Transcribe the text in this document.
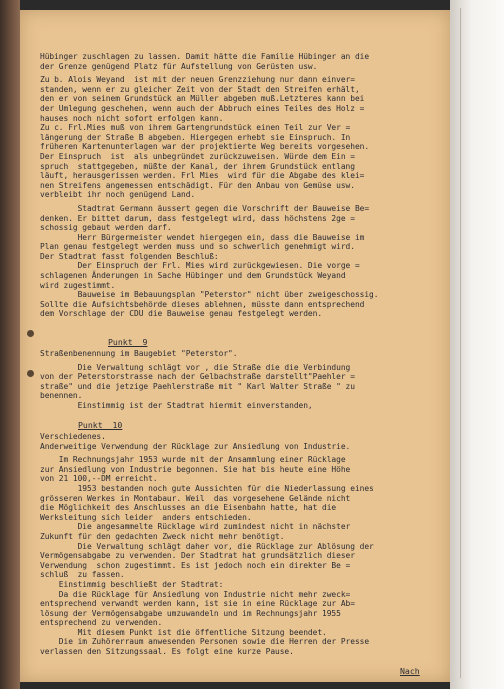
Hübinger zuschlagen zu lassen. Damit hätte die Familie Hübinger an die
der Grenze genügend Platz für Aufstellung von Gerüsten usw.
Zu b. Alois Weyand  ist mit der neuen Grenzziehung nur dann einver=
standen, wenn er zu gleicher Zeit von der Stadt den Streifen erhält,
den er von seinem Grundstück an Müller abgeben muß.Letzteres kann bei
der Umlegung geschehen, wenn auch der Abbruch eines Teiles des Holz =
hauses noch nicht sofort erfolgen kann.
Zu c. Frl.Mies muß von ihrem Gartengrundstück einen Teil zur Ver =
längerung der Straße B abgeben. Hiergegen erhebt sie Einspruch. In
früheren Kartenunterlagen war der projektierte Weg bereits vorgesehen.
Der Einspruch  ist  als unbegründet zurückzuweisen. Würde dem Ein =
spruch  stattgegeben, müßte der Kanal, der ihrem Grundstück entlang
läuft, herausgerissen werden. Frl Mies  wird für die Abgabe des klei=
nen Streifens angemessen entschädigt. Für den Anbau von Gemüse usw.
verbleibt ihr noch genügend Land.
Stadtrat Germann äussert gegen die Vorschrift der Bauweise Be=
denken. Er bittet darum, dass festgelegt wird, dass höchstens 2ge =
schossig gebaut werden darf.
Herr Bürgermeister wendet hiergegen ein, dass die Bauweise im
Plan genau festgelegt werden muss und so schwerlich genehmigt wird.
Der Stadtrat fasst folgenden Beschluß:
Der Einspruch der Frl. Mies wird zurückgewiesen. Die vorge =
schlagenen Änderungen in Sache Hübinger und dem Grundstück Weyand
wird zugestimmt.
Bauweise im Bebauungsplan "Peterstor" nicht über zweigeschossig.
Sollte die Aufsichtsbehörde dieses ablehnen, müsste dann entsprechend
dem Vorschlage der CDU die Bauweise genau festgelegt werden.
Punkt  9
Straßenbenennung im Baugebiet "Peterstor".
Die Verwaltung schlägt vor , die Straße die die Verbindung
von der Peterstorstrasse nach der Gelbachstraße darstellt"Paehler =
straße" und die jetzige Paehlerstraße mit " Karl Walter Straße " zu
benennen.
Einstimmig ist der Stadtrat hiermit einverstanden,
Punkt  10
Verschiedenes.
Anderweitige Verwendung der Rücklage zur Ansiedlung von Industrie.
Im Rechnungsjahr 1953 wurde mit der Ansammlung einer Rücklage
zur Ansiedlung von Industrie begonnen. Sie hat bis heute eine Höhe
von 21 100,--DM erreicht.
1953 bestanden noch gute Aussichten für die Niederlassung eines
grösseren Werkes in Montabaur. Weil  das vorgesehene Gelände nicht
die Möglichkeit des Anschlusses an die Eisenbahn hatte, hat die
Werksleitung sich leider  anders entschieden.
Die angesammelte Rücklage wird zumindest nicht in nächster
Zukunft für den gedachten Zweck nicht mehr benötigt.
Die Verwaltung schlägt daher vor, die Rücklage zur Ablösung der
Vermögensabgabe zu verwenden. Der Stadtrat hat grundsätzlich dieser
Verwendung  schon zugestimmt. Es ist jedoch noch ein direkter Be =
schluß  zu fassen.
Einstimmig beschließt der Stadtrat:
Da die Rücklage für Ansiedlung von Industrie nicht mehr zweck=
entsprechend verwandt werden kann, ist sie in eine Rücklage zur Ab=
lösung der Vermögensabgabe umzuwandeln und im Rechnungsjahr 1955
entsprechend zu verwenden.
Mit diesem Punkt ist die öffentliche Sitzung beendet.
Die im Zuhörerraum anwesenden Personen sowie die Herren der Presse
verlassen den Sitzungssaal. Es folgt eine kurze Pause.
Nach
